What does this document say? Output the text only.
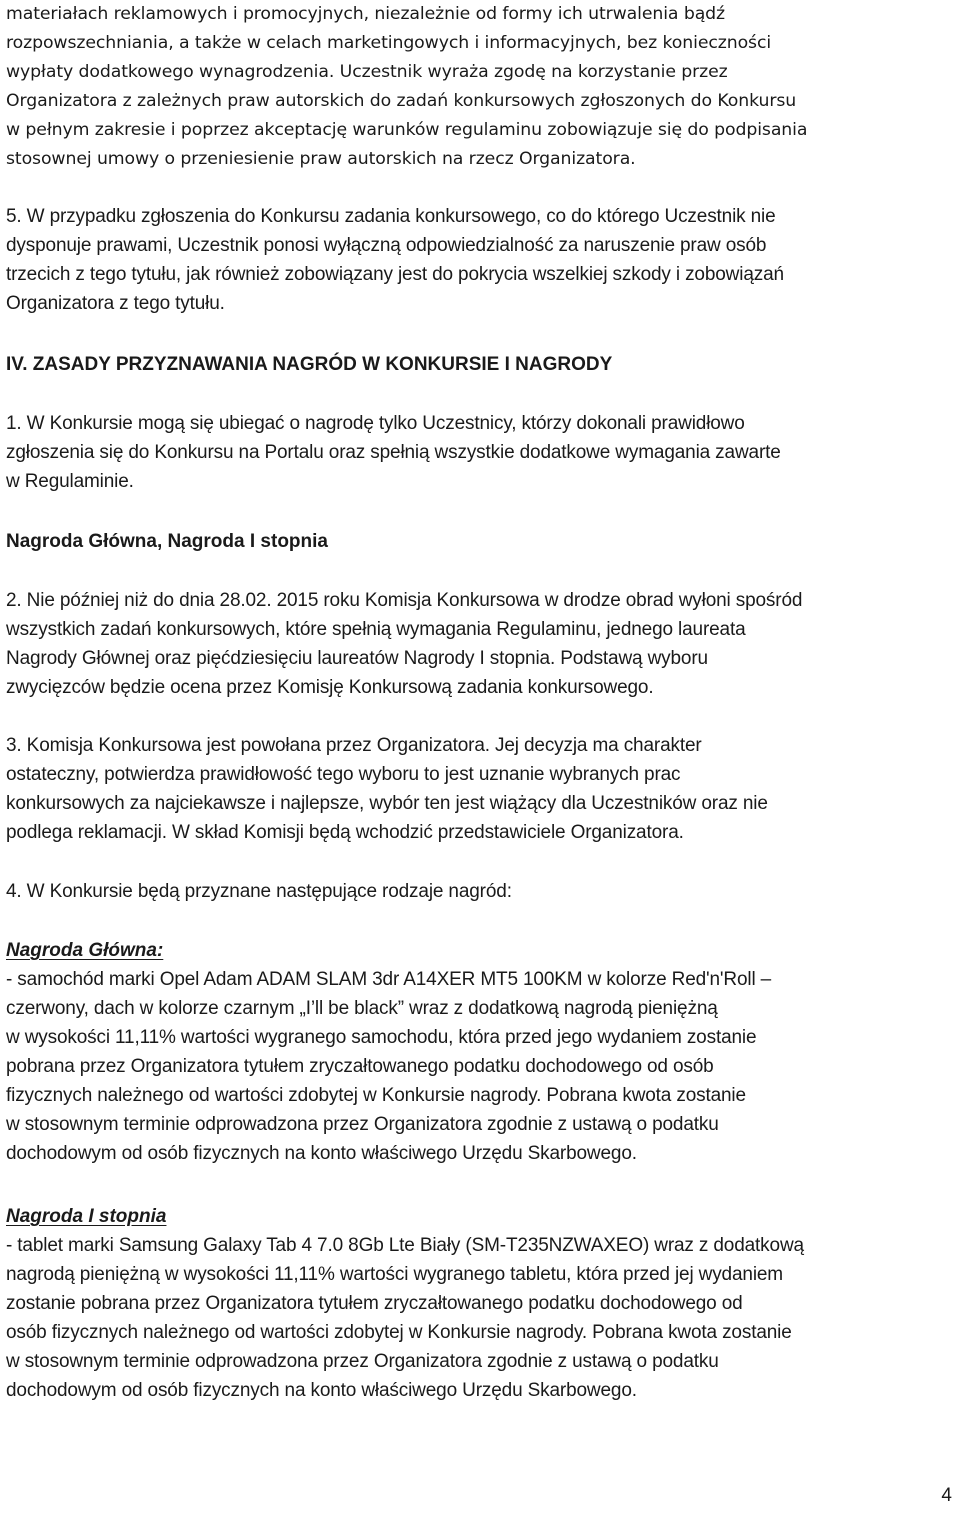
materiałach reklamowych i promocyjnych, niezależnie od formy ich utrwalenia bądź
rozpowszechniania, a także w celach marketingowych i informacyjnych, bez konieczności
wypłaty dodatkowego wynagrodzenia. Uczestnik wyraża zgodę na korzystanie przez
Organizatora z zależnych praw autorskich do zadań konkursowych zgłoszonych do Konkursu
w pełnym zakresie i poprzez akceptację warunków regulaminu zobowiązuje się do podpisania
stosownej umowy o przeniesienie praw autorskich na rzecz Organizatora.
5. W przypadku zgłoszenia do Konkursu zadania konkursowego, co do którego Uczestnik nie
dysponuje prawami, Uczestnik ponosi wyłączną odpowiedzialność za naruszenie praw osób
trzecich z tego tytułu, jak również zobowiązany jest do pokrycia wszelkiej szkody i zobowiązań
Organizatora z tego tytułu.
IV. ZASADY PRZYZNAWANIA NAGRÓD W KONKURSIE I NAGRODY
1. W Konkursie mogą się ubiegać o nagrodę tylko Uczestnicy, którzy dokonali prawidłowo
zgłoszenia się do Konkursu na Portalu oraz spełnią wszystkie dodatkowe wymagania zawarte
w Regulaminie.
Nagroda Główna, Nagroda I stopnia
2. Nie później niż do dnia 28.02. 2015 roku Komisja Konkursowa w drodze obrad wyłoni spośród
wszystkich zadań konkursowych, które spełnią wymagania Regulaminu, jednego laureata
Nagrody Głównej oraz pięćdziesięciu laureatów Nagrody I stopnia. Podstawą wyboru
zwycięzców będzie ocena przez Komisję Konkursową zadania konkursowego.
3. Komisja Konkursowa jest powołana przez Organizatora. Jej decyzja ma charakter
ostateczny, potwierdza prawidłowość tego wyboru to jest uznanie wybranych prac
konkursowych za najciekawsze i najlepsze, wybór ten jest wiążący dla Uczestników oraz nie
podlega reklamacji. W skład Komisji będą wchodzić przedstawiciele Organizatora.
4. W Konkursie będą przyznane następujące rodzaje nagród:
Nagroda Główna:
- samochód marki Opel Adam ADAM SLAM 3dr A14XER MT5 100KM w kolorze Red'n'Roll –
czerwony, dach w kolorze czarnym „I’ll be black” wraz z dodatkową nagrodą pieniężną
w wysokości 11,11% wartości wygranego samochodu, która przed jego wydaniem zostanie
pobrana przez Organizatora tytułem zryczałtowanego podatku dochodowego od osób
fizycznych należnego od wartości zdobytej w Konkursie nagrody. Pobrana kwota zostanie
w stosownym terminie odprowadzona przez Organizatora zgodnie z ustawą o podatku
dochodowym od osób fizycznych na konto właściwego Urzędu Skarbowego.
Nagroda I stopnia
- tablet marki Samsung Galaxy Tab 4 7.0 8Gb Lte Biały (SM-T235NZWAXEO) wraz z dodatkową
nagrodą pieniężną w wysokości 11,11% wartości wygranego tabletu, która przed jej wydaniem
zostanie pobrana przez Organizatora tytułem zryczałtowanego podatku dochodowego od
osób fizycznych należnego od wartości zdobytej w Konkursie nagrody. Pobrana kwota zostanie
w stosownym terminie odprowadzona przez Organizatora zgodnie z ustawą o podatku
dochodowym od osób fizycznych na konto właściwego Urzędu Skarbowego.
4
